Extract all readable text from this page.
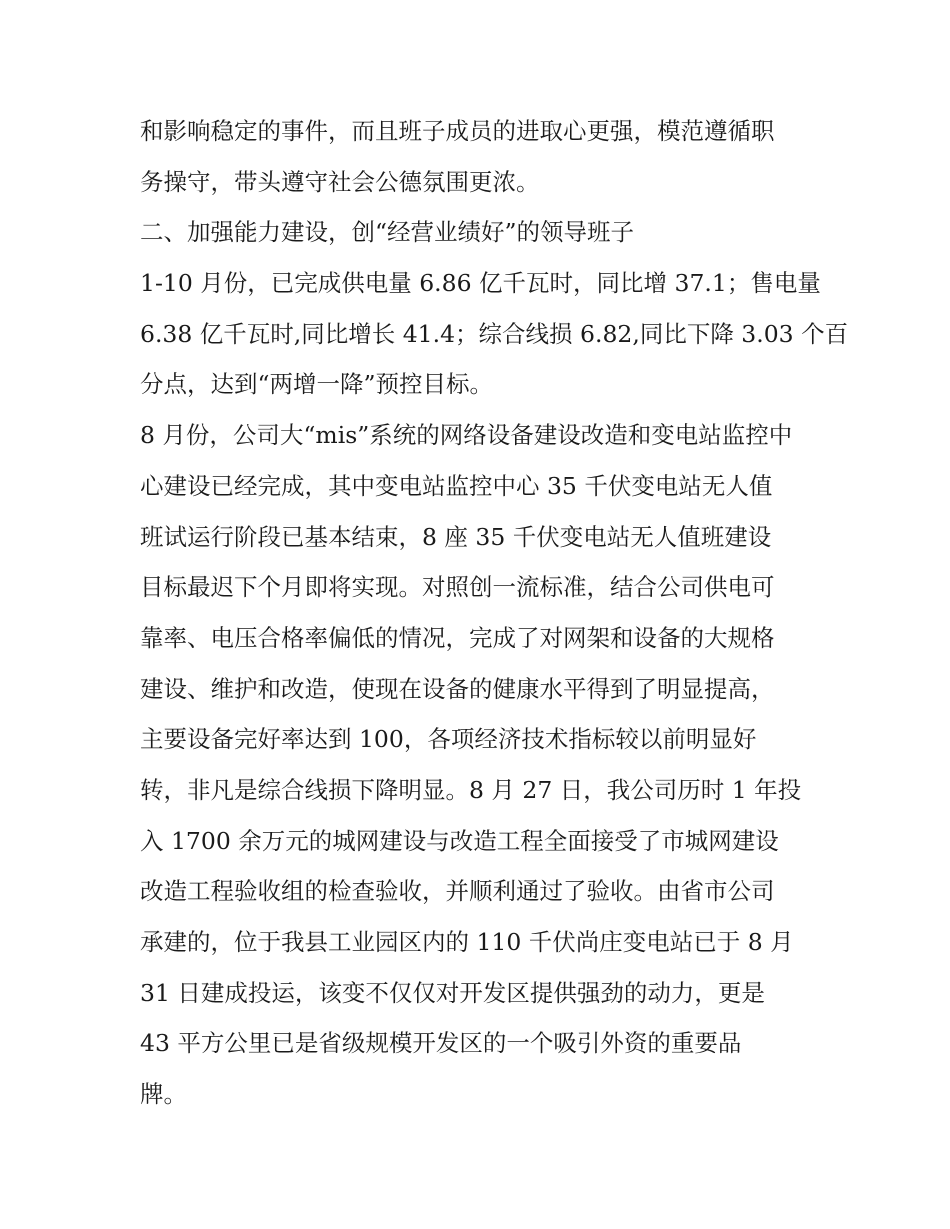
和影响稳定的事件，而且班子成员的进取心更强，模范遵循职
务操守，带头遵守社会公德氛围更浓。
二、加强能力建设，创“经营业绩好”的领导班子
1-10 月份，已完成供电量 6.86 亿千瓦时，同比增 37.1；售电量
6.38 亿千瓦时,同比增长 41.4；综合线损 6.82,同比下降 3.03 个百
分点，达到“两增一降”预控目标。
8 月份，公司大“mis”系统的网络设备建设改造和变电站监控中
心建设已经完成，其中变电站监控中心 35 千伏变电站无人值
班试运行阶段已基本结束，8 座 35 千伏变电站无人值班建设
目标最迟下个月即将实现。对照创一流标准，结合公司供电可
靠率、电压合格率偏低的情况，完成了对网架和设备的大规格
建设、维护和改造，使现在设备的健康水平得到了明显提高，
主要设备完好率达到 100，各项经济技术指标较以前明显好
转，非凡是综合线损下降明显。8 月 27 日，我公司历时 1 年投
入 1700 余万元的城网建设与改造工程全面接受了市城网建设
改造工程验收组的检查验收，并顺利通过了验收。由省市公司
承建的，位于我县工业园区内的 110 千伏尚庄变电站已于 8 月
31 日建成投运，该变不仅仅对开发区提供强劲的动力，更是
43 平方公里已是省级规模开发区的一个吸引外资的重要品
牌。
